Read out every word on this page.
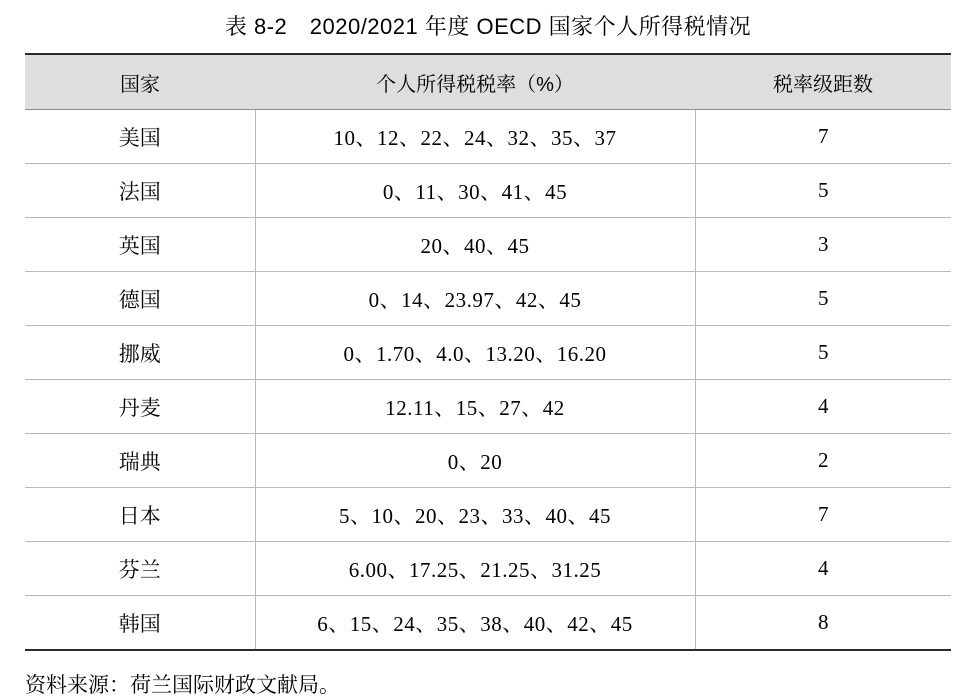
表 8-2　2020/2021 年度 OECD 国家个人所得税情况
国家	个人所得税税率（%）	税率级距数
美国	10、12、22、24、32、35、37	7
法国	0、11、30、41、45	5
英国	20、40、45	3
德国	0、14、23.97、42、45	5
挪威	0、1.70、4.0、13.20、16.20	5
丹麦	12.11、15、27、42	4
瑞典	0、20	2
日本	5、10、20、23、33、40、45	7
芬兰	6.00、17.25、21.25、31.25	4
韩国	6、15、24、35、38、40、42、45	8
资料来源：荷兰国际财政文献局。
